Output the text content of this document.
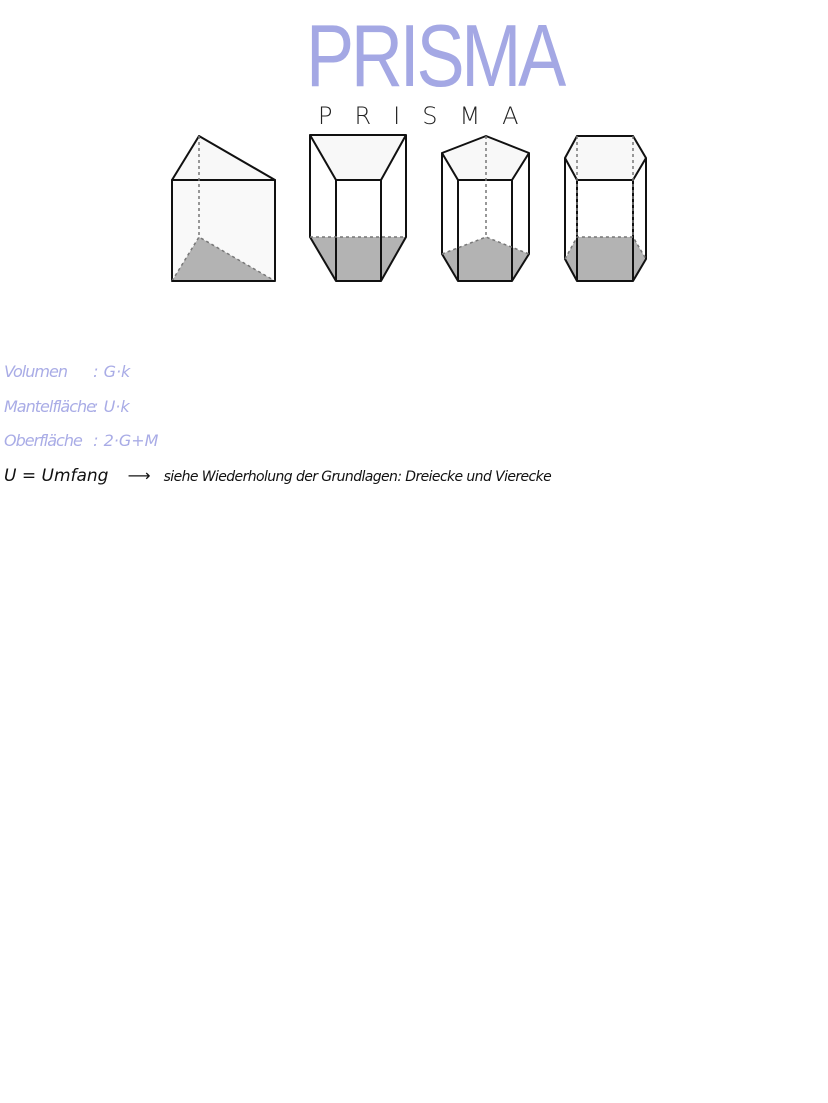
PRISMA
PRISMA
Volumen : G·k
Mantelfläche : U·k
Oberfläche : 2·G+M
U = Umfang ⟶ siehe Wiederholung der Grundlagen: Dreiecke und Vierecke
